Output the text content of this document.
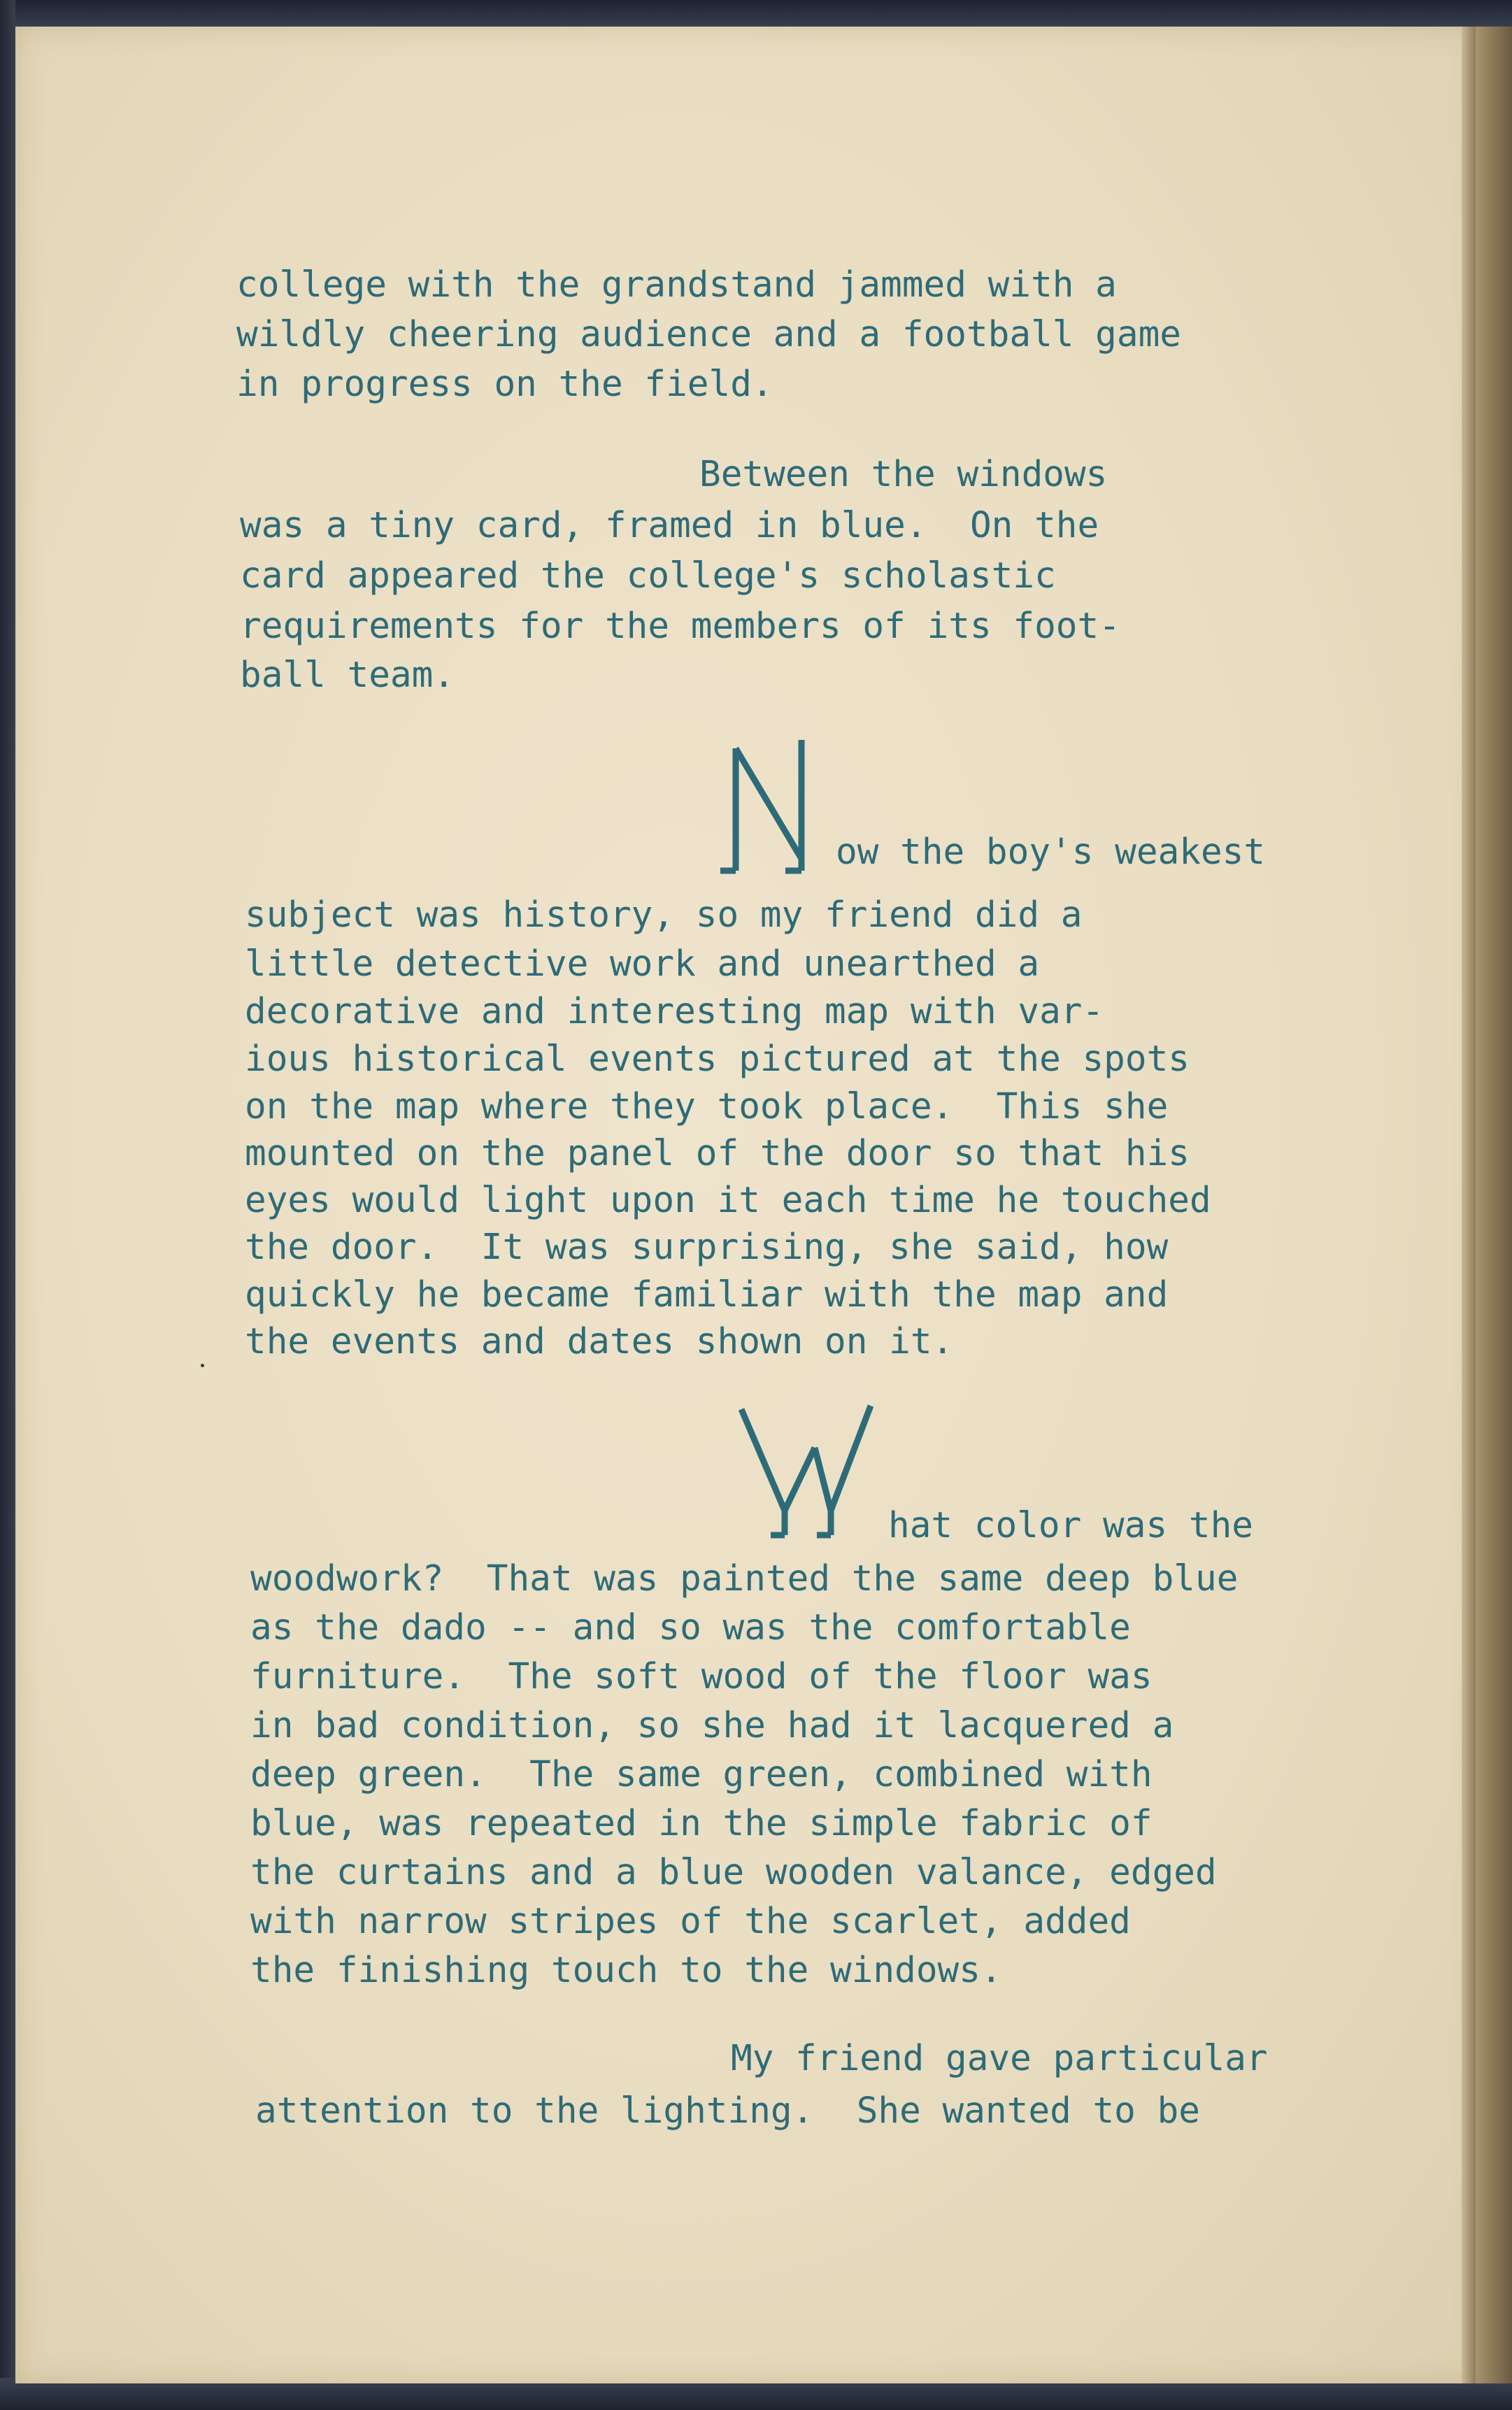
college with the grandstand jammed with a

wildly cheering audience and a football game

in progress on the field.

Between the windows

was a tiny card, framed in blue.  On the

card appeared the college's scholastic

requirements for the members of its foot-

ball team.

ow the boy's weakest

subject was history, so my friend did a

little detective work and unearthed a

decorative and interesting map with var-

ious historical events pictured at the spots

on the map where they took place.  This she

mounted on the panel of the door so that his

eyes would light upon it each time he touched

the door.  It was surprising, she said, how

quickly he became familiar with the map and

the events and dates shown on it.

hat color was the

woodwork?  That was painted the same deep blue

as the dado -- and so was the comfortable

furniture.  The soft wood of the floor was

in bad condition, so she had it lacquered a

deep green.  The same green, combined with

blue, was repeated in the simple fabric of

the curtains and a blue wooden valance, edged

with narrow stripes of the scarlet, added

the finishing touch to the windows.

My friend gave particular

attention to the lighting.  She wanted to be
